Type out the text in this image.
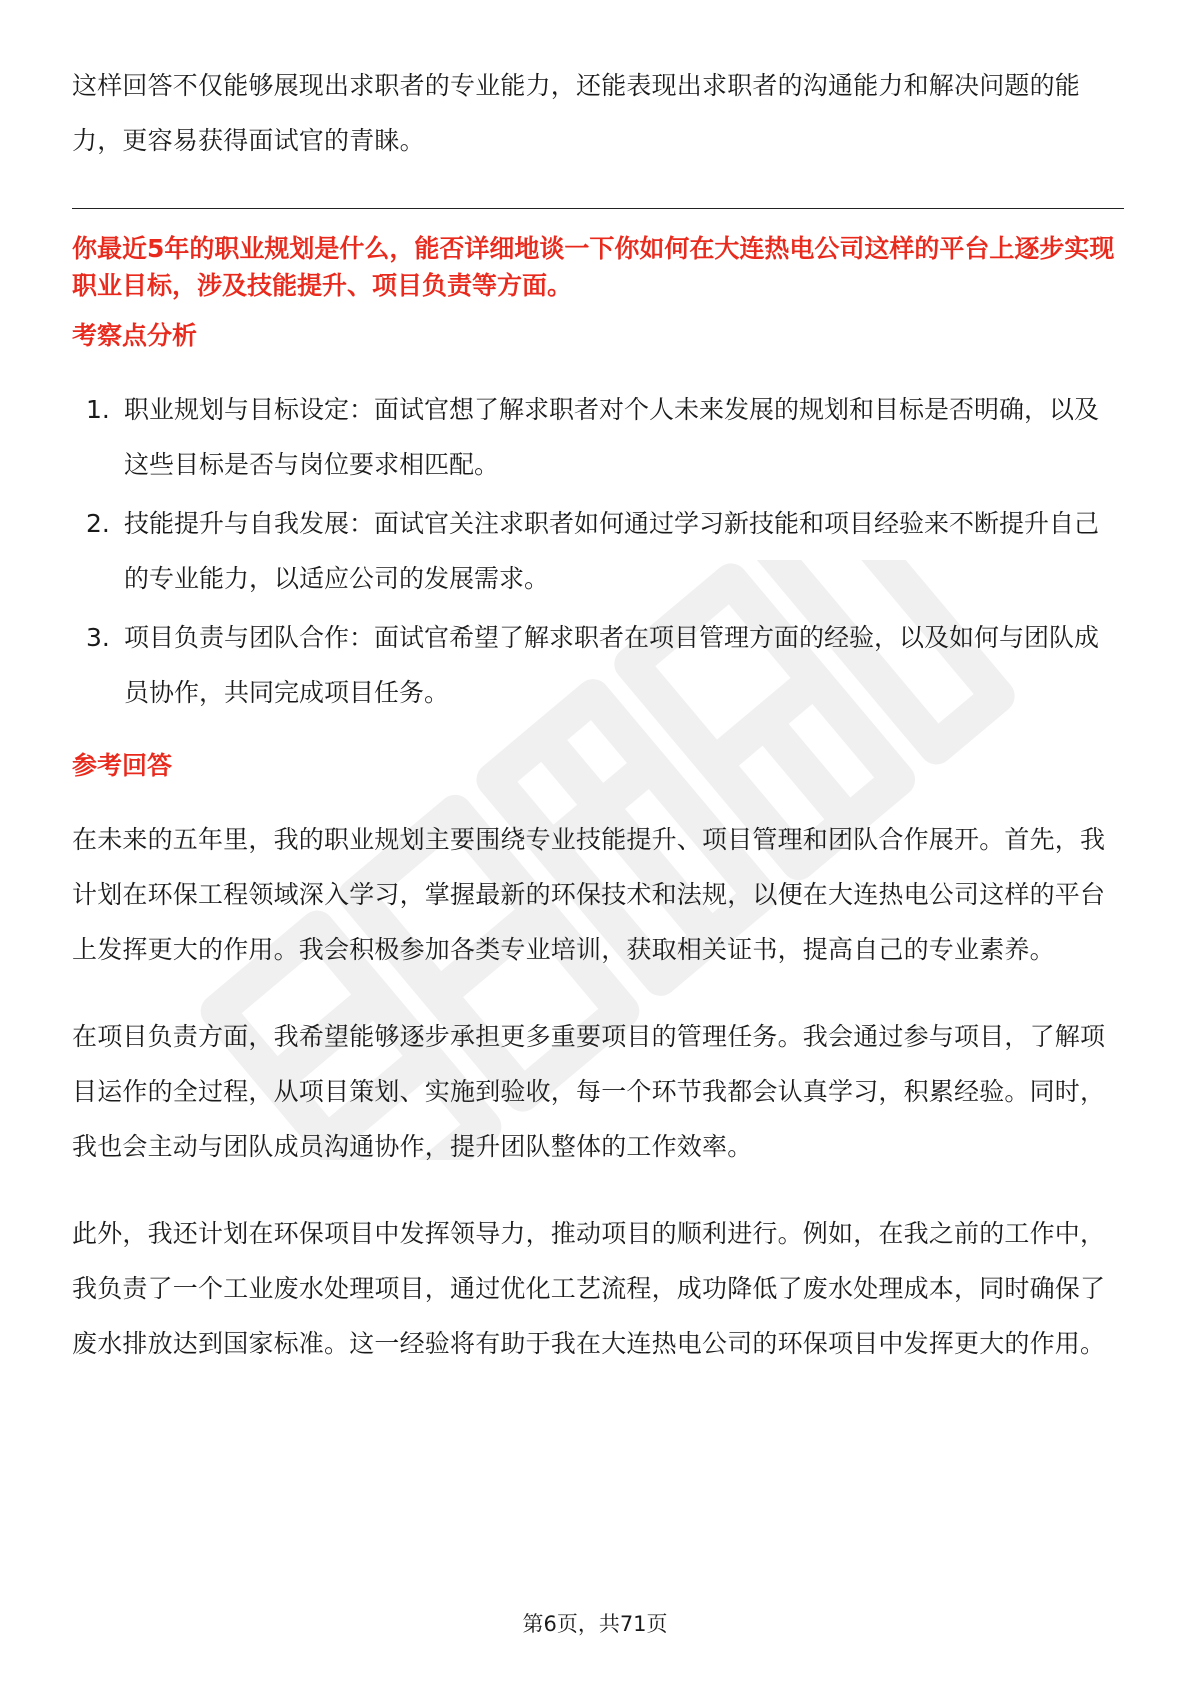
这样回答不仅能够展现出求职者的专业能力，还能表现出求职者的沟通能力和解决问题的能力，更容易获得面试官的青睐。

你最近5年的职业规划是什么，能否详细地谈一下你如何在大连热电公司这样的平台上逐步实现职业目标，涉及技能提升、项目负责等方面。

考察点分析
1. 职业规划与目标设定：面试官想了解求职者对个人未来发展的规划和目标是否明确，以及这些目标是否与岗位要求相匹配。
2. 技能提升与自我发展：面试官关注求职者如何通过学习新技能和项目经验来不断提升自己的专业能力，以适应公司的发展需求。
3. 项目负责与团队合作：面试官希望了解求职者在项目管理方面的经验，以及如何与团队成员协作，共同完成项目任务。
参考回答

在未来的五年里，我的职业规划主要围绕专业技能提升、项目管理和团队合作展开。首先，我计划在环保工程领域深入学习，掌握最新的环保技术和法规，以便在大连热电公司这样的平台上发挥更大的作用。我会积极参加各类专业培训，获取相关证书，提高自己的专业素养。

在项目负责方面，我希望能够逐步承担更多重要项目的管理任务。我会通过参与项目，了解项目运作的全过程，从项目策划、实施到验收，每一个环节我都会认真学习，积累经验。同时，我也会主动与团队成员沟通协作，提升团队整体的工作效率。

此外，我还计划在环保项目中发挥领导力，推动项目的顺利进行。例如，在我之前的工作中，我负责了一个工业废水处理项目，通过优化工艺流程，成功降低了废水处理成本，同时确保了废水排放达到国家标准。这一经验将有助于我在大连热电公司的环保项目中发挥更大的作用。

第6页，共71页
